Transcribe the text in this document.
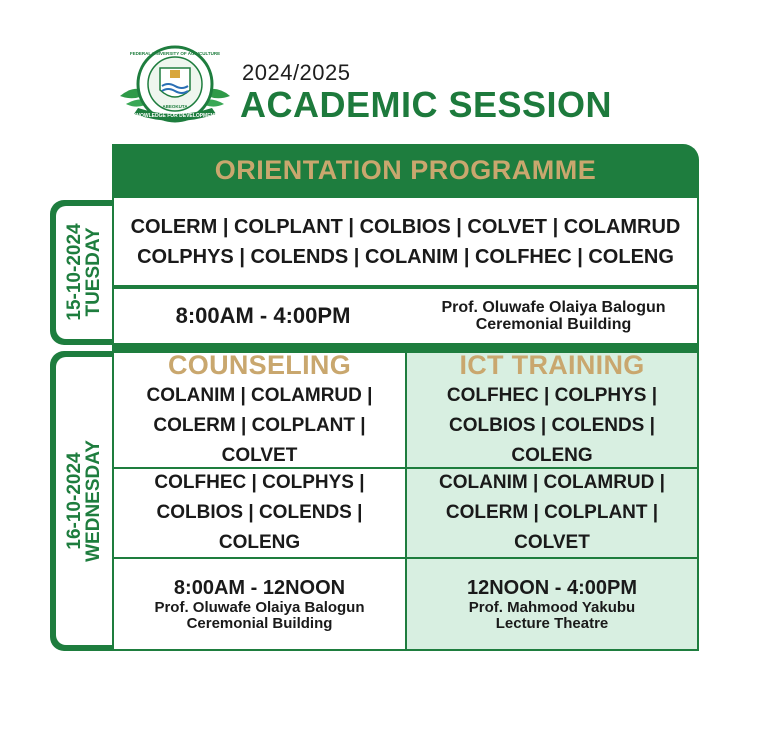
KNOWLEDGE FOR DEVELOPMENT
FEDERAL UNIVERSITY OF AGRICULTURE
ABEOKUTA
2024/2025
ACADEMIC SESSION
ORIENTATION PROGRAMME
15-10-2024
TUESDAY
COLERM | COLPLANT | COLBIOS | COLVET | COLAMRUD
COLPHYS | COLENDS | COLANIM | COLFHEC | COLENG
8:00AM - 4:00PM	Prof. Oluwafe Olaiya Balogun
Ceremonial Building
16-10-2024
WEDNESDAY
COUNSELING
COLANIM | COLAMRUD |
COLERM | COLPLANT | COLVET
ICT TRAINING
COLFHEC | COLPHYS |
COLBIOS | COLENDS | COLENG
COLFHEC | COLPHYS |
COLBIOS | COLENDS | COLENG
COLANIM | COLAMRUD |
COLERM | COLPLANT | COLVET
8:00AM - 12NOON
Prof. Oluwafe Olaiya Balogun
Ceremonial Building
12NOON - 4:00PM
Prof. Mahmood Yakubu
Lecture Theatre
